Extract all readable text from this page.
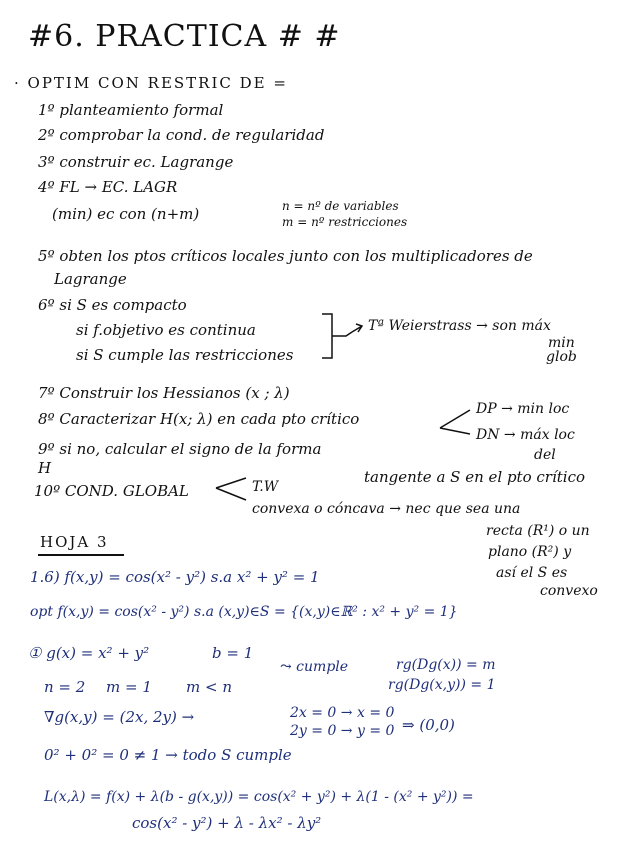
#6. PRACTICA # #
· OPTIM CON RESTRIC DE =
1º planteamiento formal
2º comprobar la cond. de regularidad
3º construir ec. Lagrange
4º FL → EC. LAGR
(min) ec con (n+m)	n = nº de variables
m = nº restricciones
5º obten los ptos críticos locales junto con los multiplicadores de
Lagrange
6º si S es compacto
si f.objetivo es continua
si S cumple las restricciones
Tª Weierstrass → son máx
min
glob
7º Construir los Hessianos (x ; λ)
8º Caracterizar H(x; λ) en cada pto crítico
DP → min loc
DN → máx loc
9º si no, calcular el signo de la forma
H
del
tangente a S en el pto crítico
10º COND. GLOBAL	T.W
convexa o cóncava → nec que sea una
recta (R¹) o un
plano (R²) y
así el S es
convexo
HOJA 3
1.6) f(x,y) = cos(x² - y²) s.a x² + y² = 1
opt f(x,y) = cos(x² - y²) s.a (x,y)∈S = {(x,y)∈ℝ² : x² + y² = 1}
① g(x) = x² + y²	b = 1
⤳ cumple	rg(Dg(x)) = m
rg(Dg(x,y)) = 1
n = 2 m = 1 m < n
∇g(x,y) = (2x, 2y) →	2x = 0 → x = 0
2y = 0 → y = 0 ⇒ (0,0)
0² + 0² = 0 ≠ 1 → todo S cumple
L(x,λ) = f(x) + λ(b - g(x,y)) = cos(x² + y²) + λ(1 - (x² + y²)) =
cos(x² - y²) + λ - λx² - λy²
